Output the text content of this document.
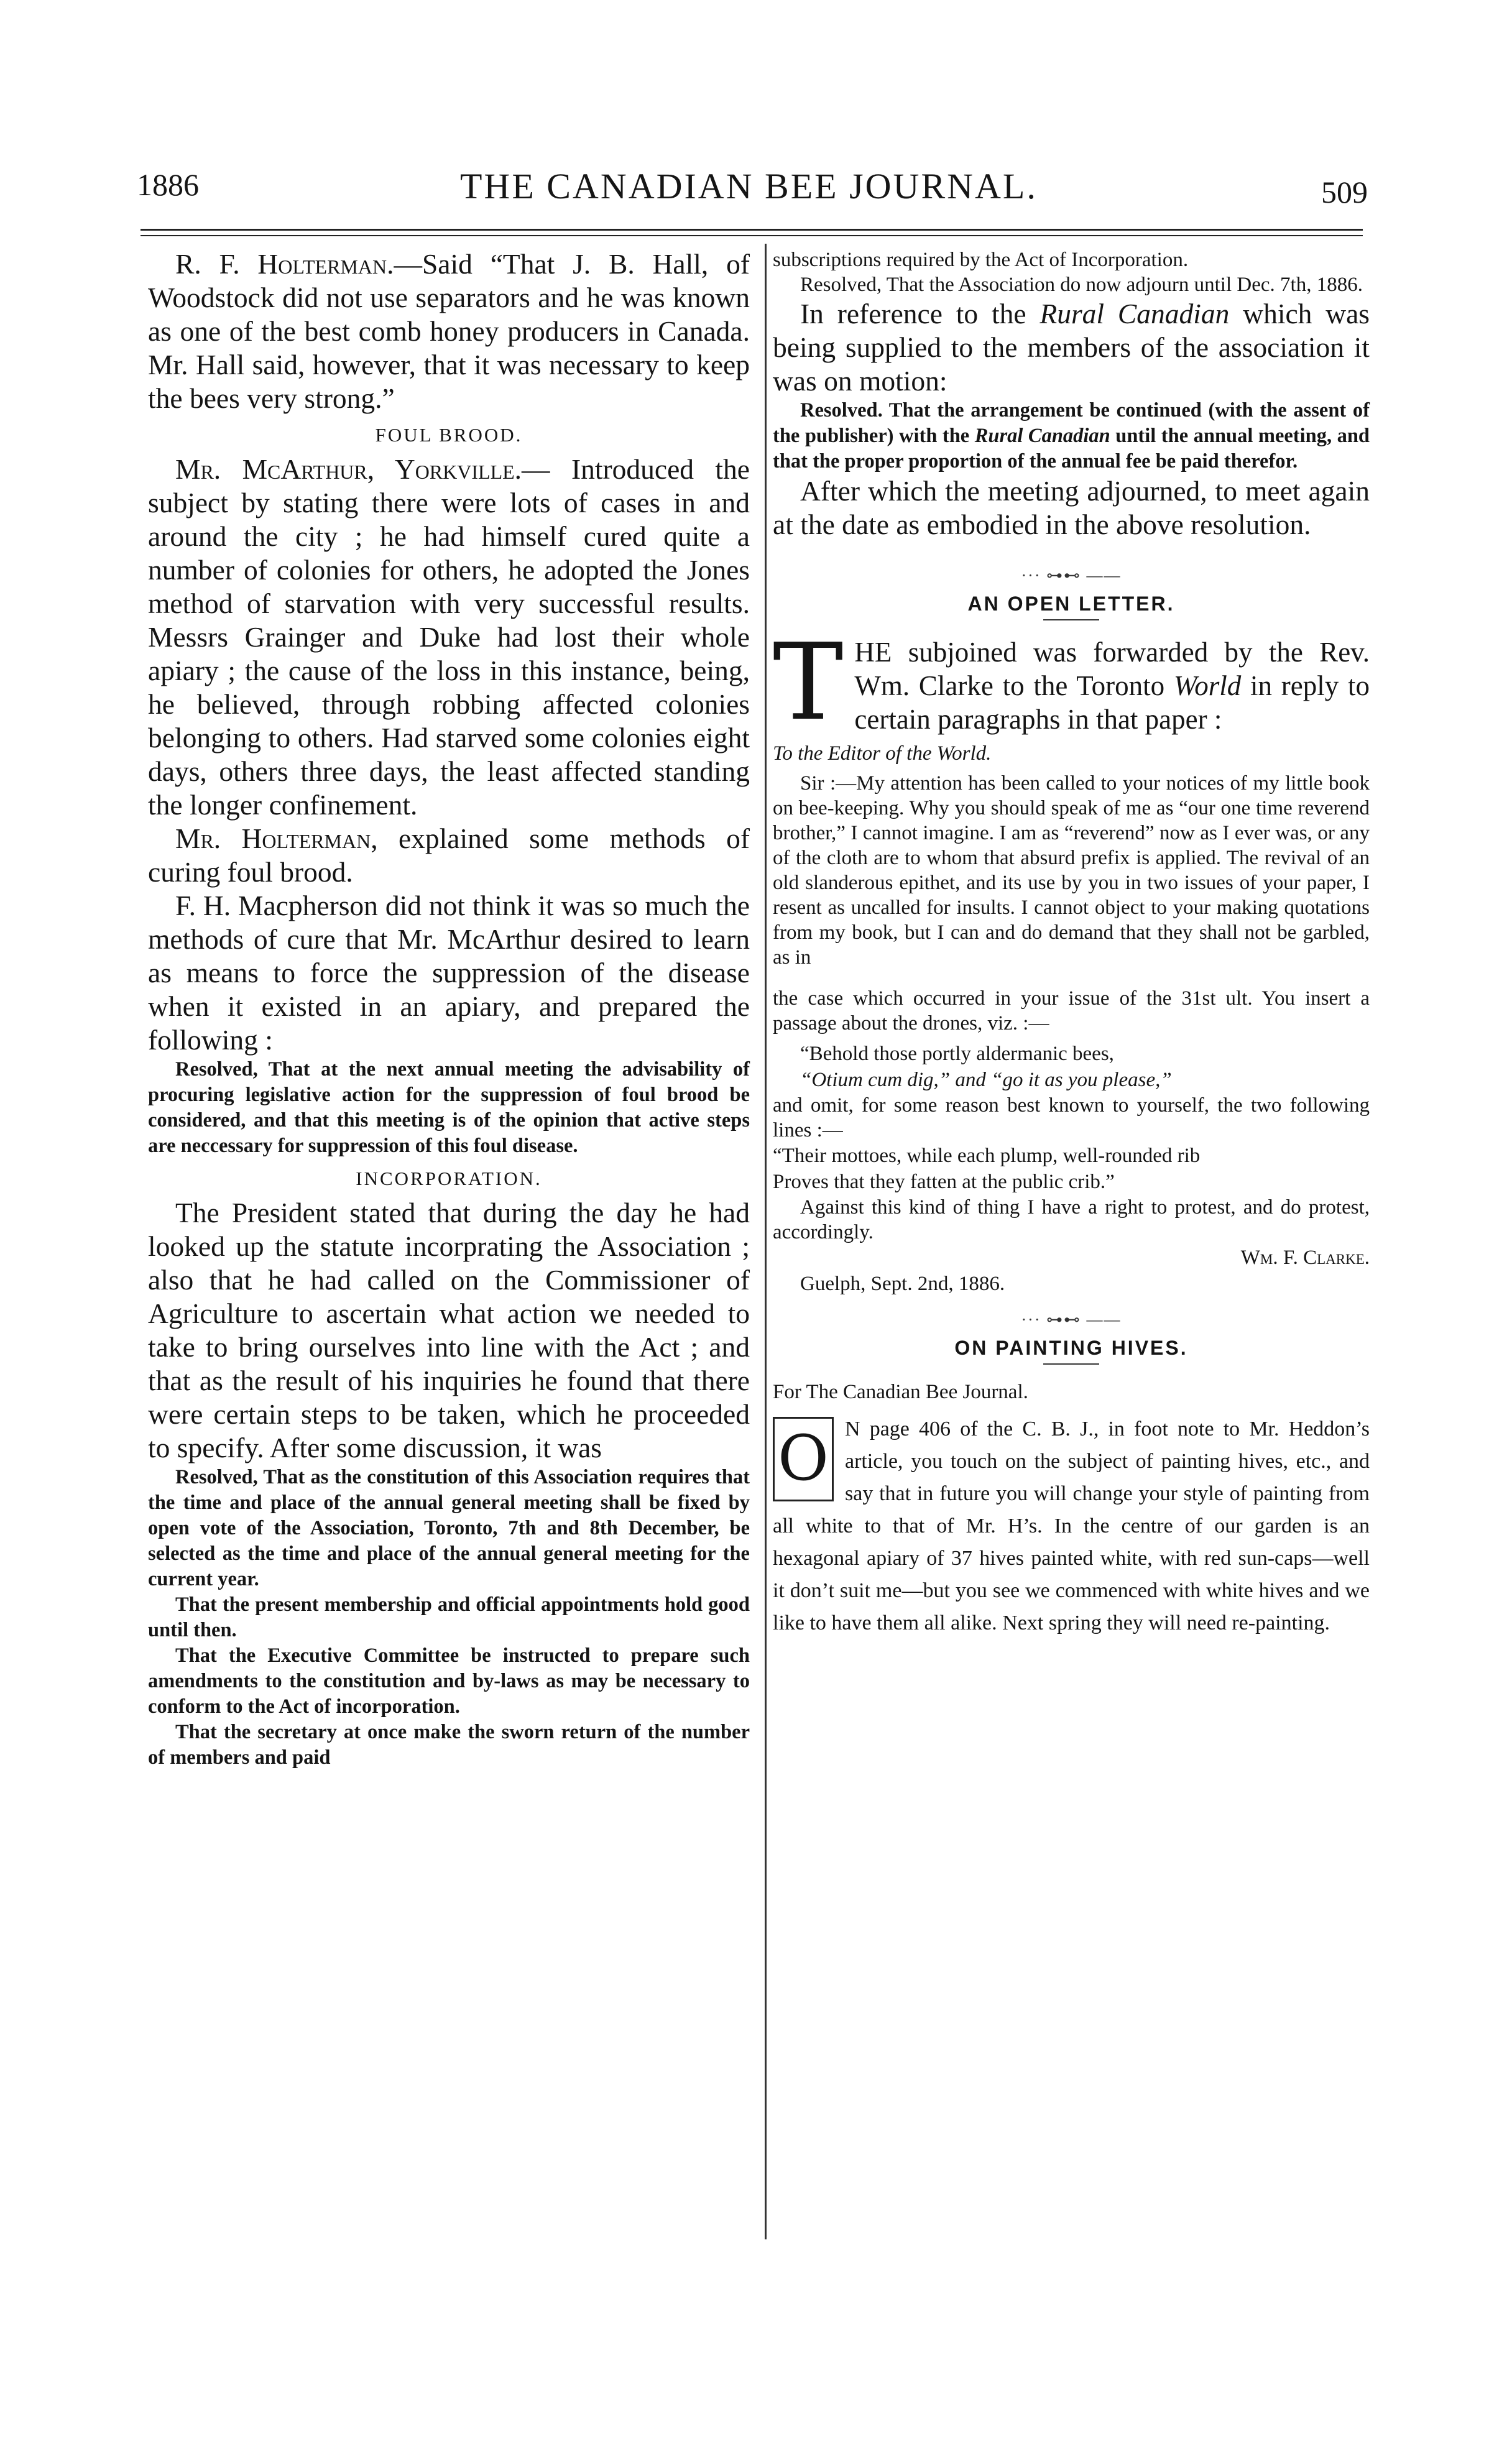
1886	THE CANADIAN BEE JOURNAL.	509

R. F. Holterman.—Said “That J. B. Hall, of Woodstock did not use separators and he was known as one of the best comb honey producers in Canada. Mr. Hall said, however, that it was necessary to keep the bees very strong.”

FOUL BROOD.

Mr. McArthur, Yorkville.— Introduced the subject by stating there were lots of cases in and around the city ; he had himself cured quite a number of colonies for others, he adopted the Jones method of starvation with very successful results. Messrs Grainger and Duke had lost their whole apiary ; the cause of the loss in this instance, being, he believed, through robbing affected colonies belonging to others. Had starved some colonies eight days, others three days, the least affected standing the longer confinement.

Mr. Holterman, explained some methods of curing foul brood.

F. H. Macpherson did not think it was so much the methods of cure that Mr. McArthur desired to learn as means to force the suppression of the disease when it existed in an apiary, and prepared the following :

Resolved, That at the next annual meeting the advisability of procuring legislative action for the suppression of foul brood be considered, and that this meeting is of the opinion that active steps are neccessary for suppression of this foul disease.

INCORPORATION.

The President stated that during the day he had looked up the statute incorprating the Association ; also that he had called on the Commissioner of Agriculture to ascertain what action we needed to take to bring ourselves into line with the Act ; and that as the result of his inquiries he found that there were certain steps to be taken, which he proceeded to specify. After some discussion, it was

Resolved, That as the constitution of this Association requires that the time and place of the annual general meeting shall be fixed by open vote of the Association, Toronto, 7th and 8th December, be selected as the time and place of the annual general meeting for the current year.

That the present membership and official appointments hold good until then.

That the Executive Committee be instructed to prepare such amendments to the constitution and by-laws as may be necessary to conform to the Act of incorporation.

That the secretary at once make the sworn return of the number of members and paid

subscriptions required by the Act of Incorporation.

Resolved, That the Association do now adjourn until Dec. 7th, 1886.

In reference to the Rural Canadian which was being supplied to the members of the association it was on motion:

Resolved. That the arrangement be continued (with the assent of the publisher) with the Rural Canadian until the annual meeting, and that the proper proportion of the annual fee be paid therefor.

After which the meeting adjourned, to meet again at the date as embodied in the above resolution.

··· ⊶⊷ ——
AN OPEN LETTER.
T HE subjoined was forwarded by the Rev. Wm. Clarke to the Toronto World in reply to certain paragraphs in that paper :

To the Editor of the World.

Sir :—My attention has been called to your notices of my little book on bee-keeping. Why you should speak of me as “our one time reverend brother,” I cannot imagine. I am as “reverend” now as I ever was, or any of the cloth are to whom that absurd prefix is applied. The revival of an old slanderous epithet, and its use by you in two issues of your paper, I resent as uncalled for insults. I cannot object to your making quotations from my book, but I can and do demand that they shall not be garbled, as in

the case which occurred in your issue of the 31st ult. You insert a passage about the drones, viz. :—

“Behold those portly aldermanic bees,

“Otium cum dig,” and “go it as you please,”

and omit, for some reason best known to yourself, the two following lines :—

“Their mottoes, while each plump, well-rounded rib

Proves that they fatten at the public crib.”

Against this kind of thing I have a right to protest, and do protest, accordingly.

Wm. F. Clarke.

Guelph, Sept. 2nd, 1886.

··· ⊶⊷ ——
ON PAINTING HIVES.

For The Canadian Bee Journal.

O N page 406 of the C. B. J., in foot note to Mr. Heddon’s article, you touch on the subject of painting hives, etc., and say that in future you will change your style of painting from all white to that of Mr. H’s. In the centre of our garden is an hexagonal apiary of 37 hives painted white, with red sun-caps—well it don’t suit me—but you see we commenced with white hives and we like to have them all alike. Next spring they will need re-painting.
